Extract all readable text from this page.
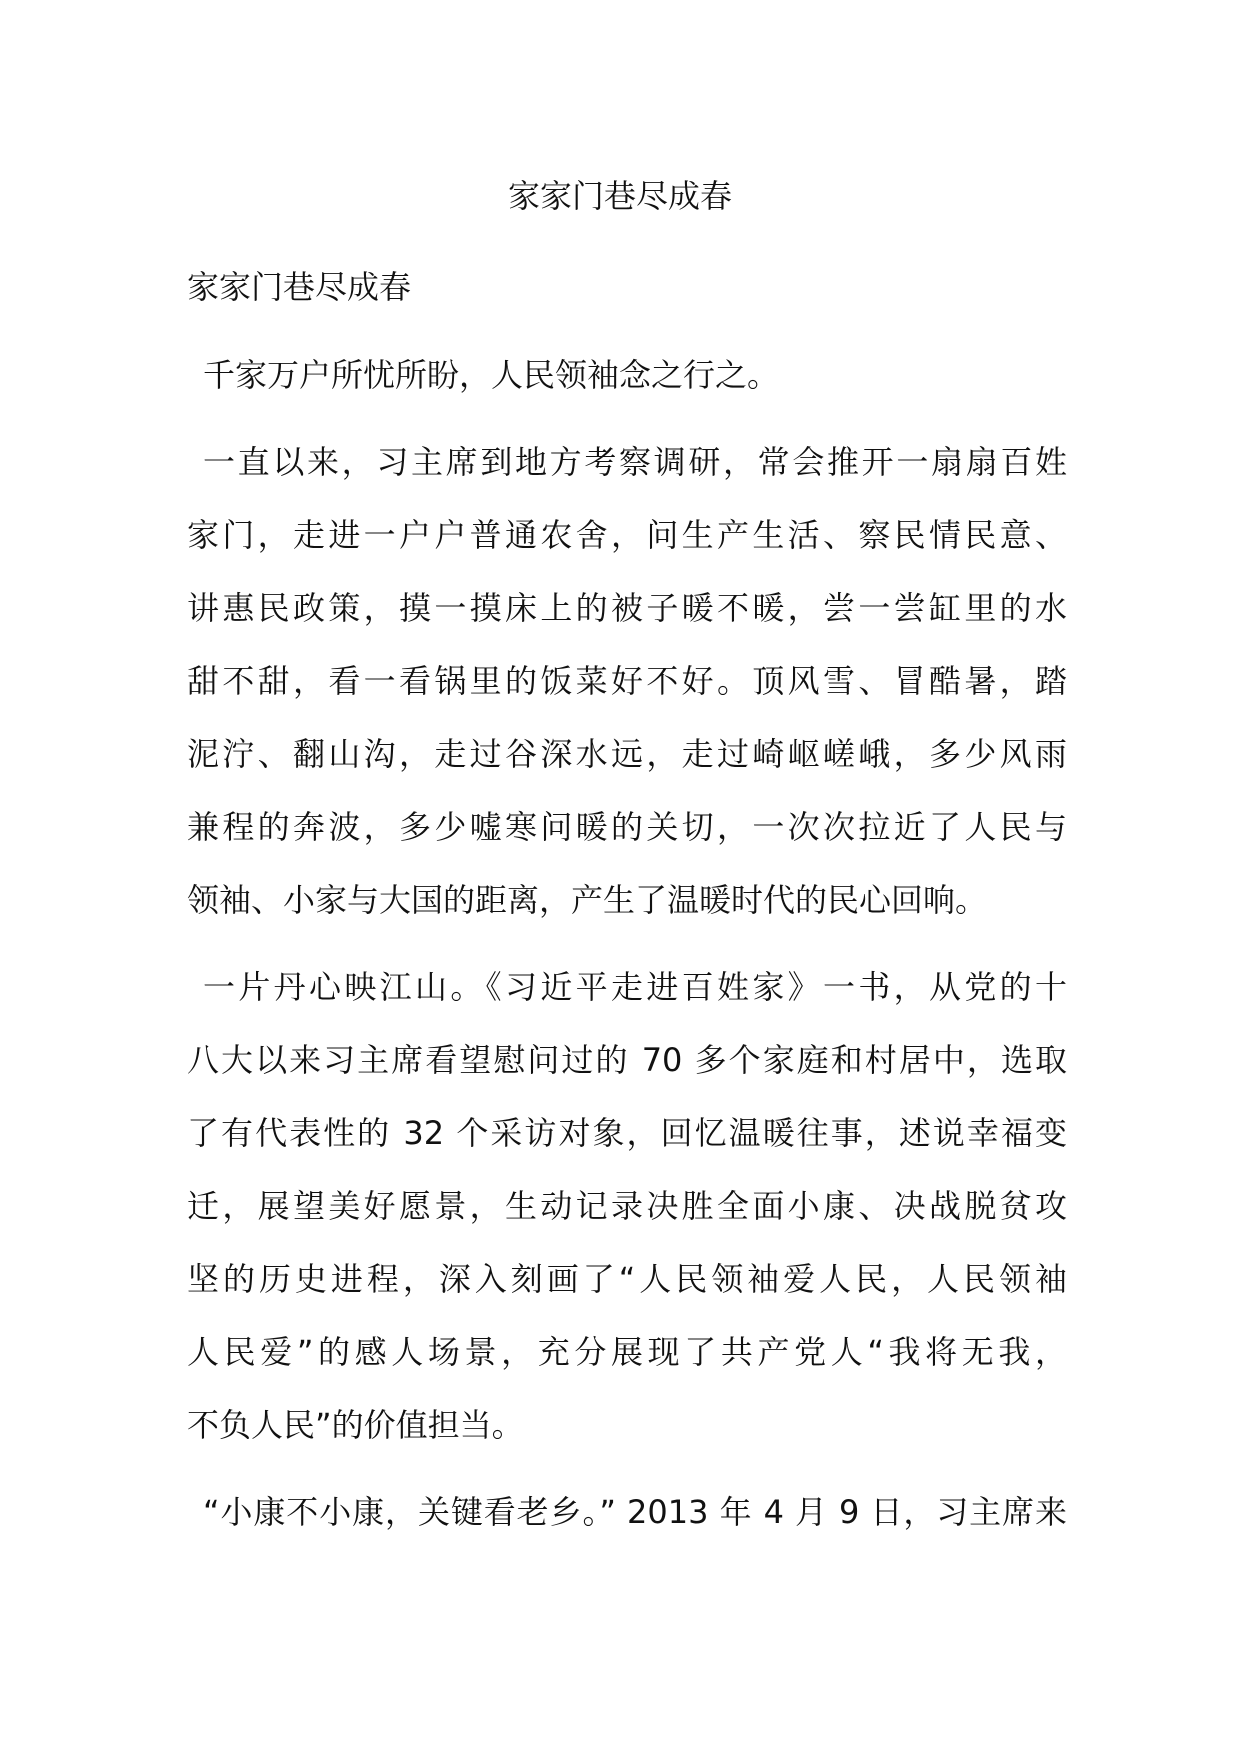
家家门巷尽成春
家家门巷尽成春
千家万户所忧所盼，人民领袖念之行之。
一直以来，习主席到地方考察调研，常会推开一扇扇百姓
家门，走进一户户普通农舍，问生产生活、察民情民意、
讲惠民政策，摸一摸床上的被子暖不暖，尝一尝缸里的水
甜不甜，看一看锅里的饭菜好不好。顶风雪、冒酷暑，踏
泥泞、翻山沟，走过谷深水远，走过崎岖嵯峨，多少风雨
兼程的奔波，多少嘘寒问暖的关切，一次次拉近了人民与
领袖、小家与大国的距离，产生了温暖时代的民心回响。
一片丹心映江山。《习近平走进百姓家》一书，从党的十
八大以来习主席看望慰问过的 70 多个家庭和村居中，选取
了有代表性的 32 个采访对象，回忆温暖往事，述说幸福变
迁，展望美好愿景，生动记录决胜全面小康、决战脱贫攻
坚的历史进程，深入刻画了“人民领袖爱人民，人民领袖
人民爱”的感人场景，充分展现了共产党人“我将无我，
不负人民”的价值担当。
“小康不小康，关键看老乡。” 2013 年 4 月 9 日，习主席来
